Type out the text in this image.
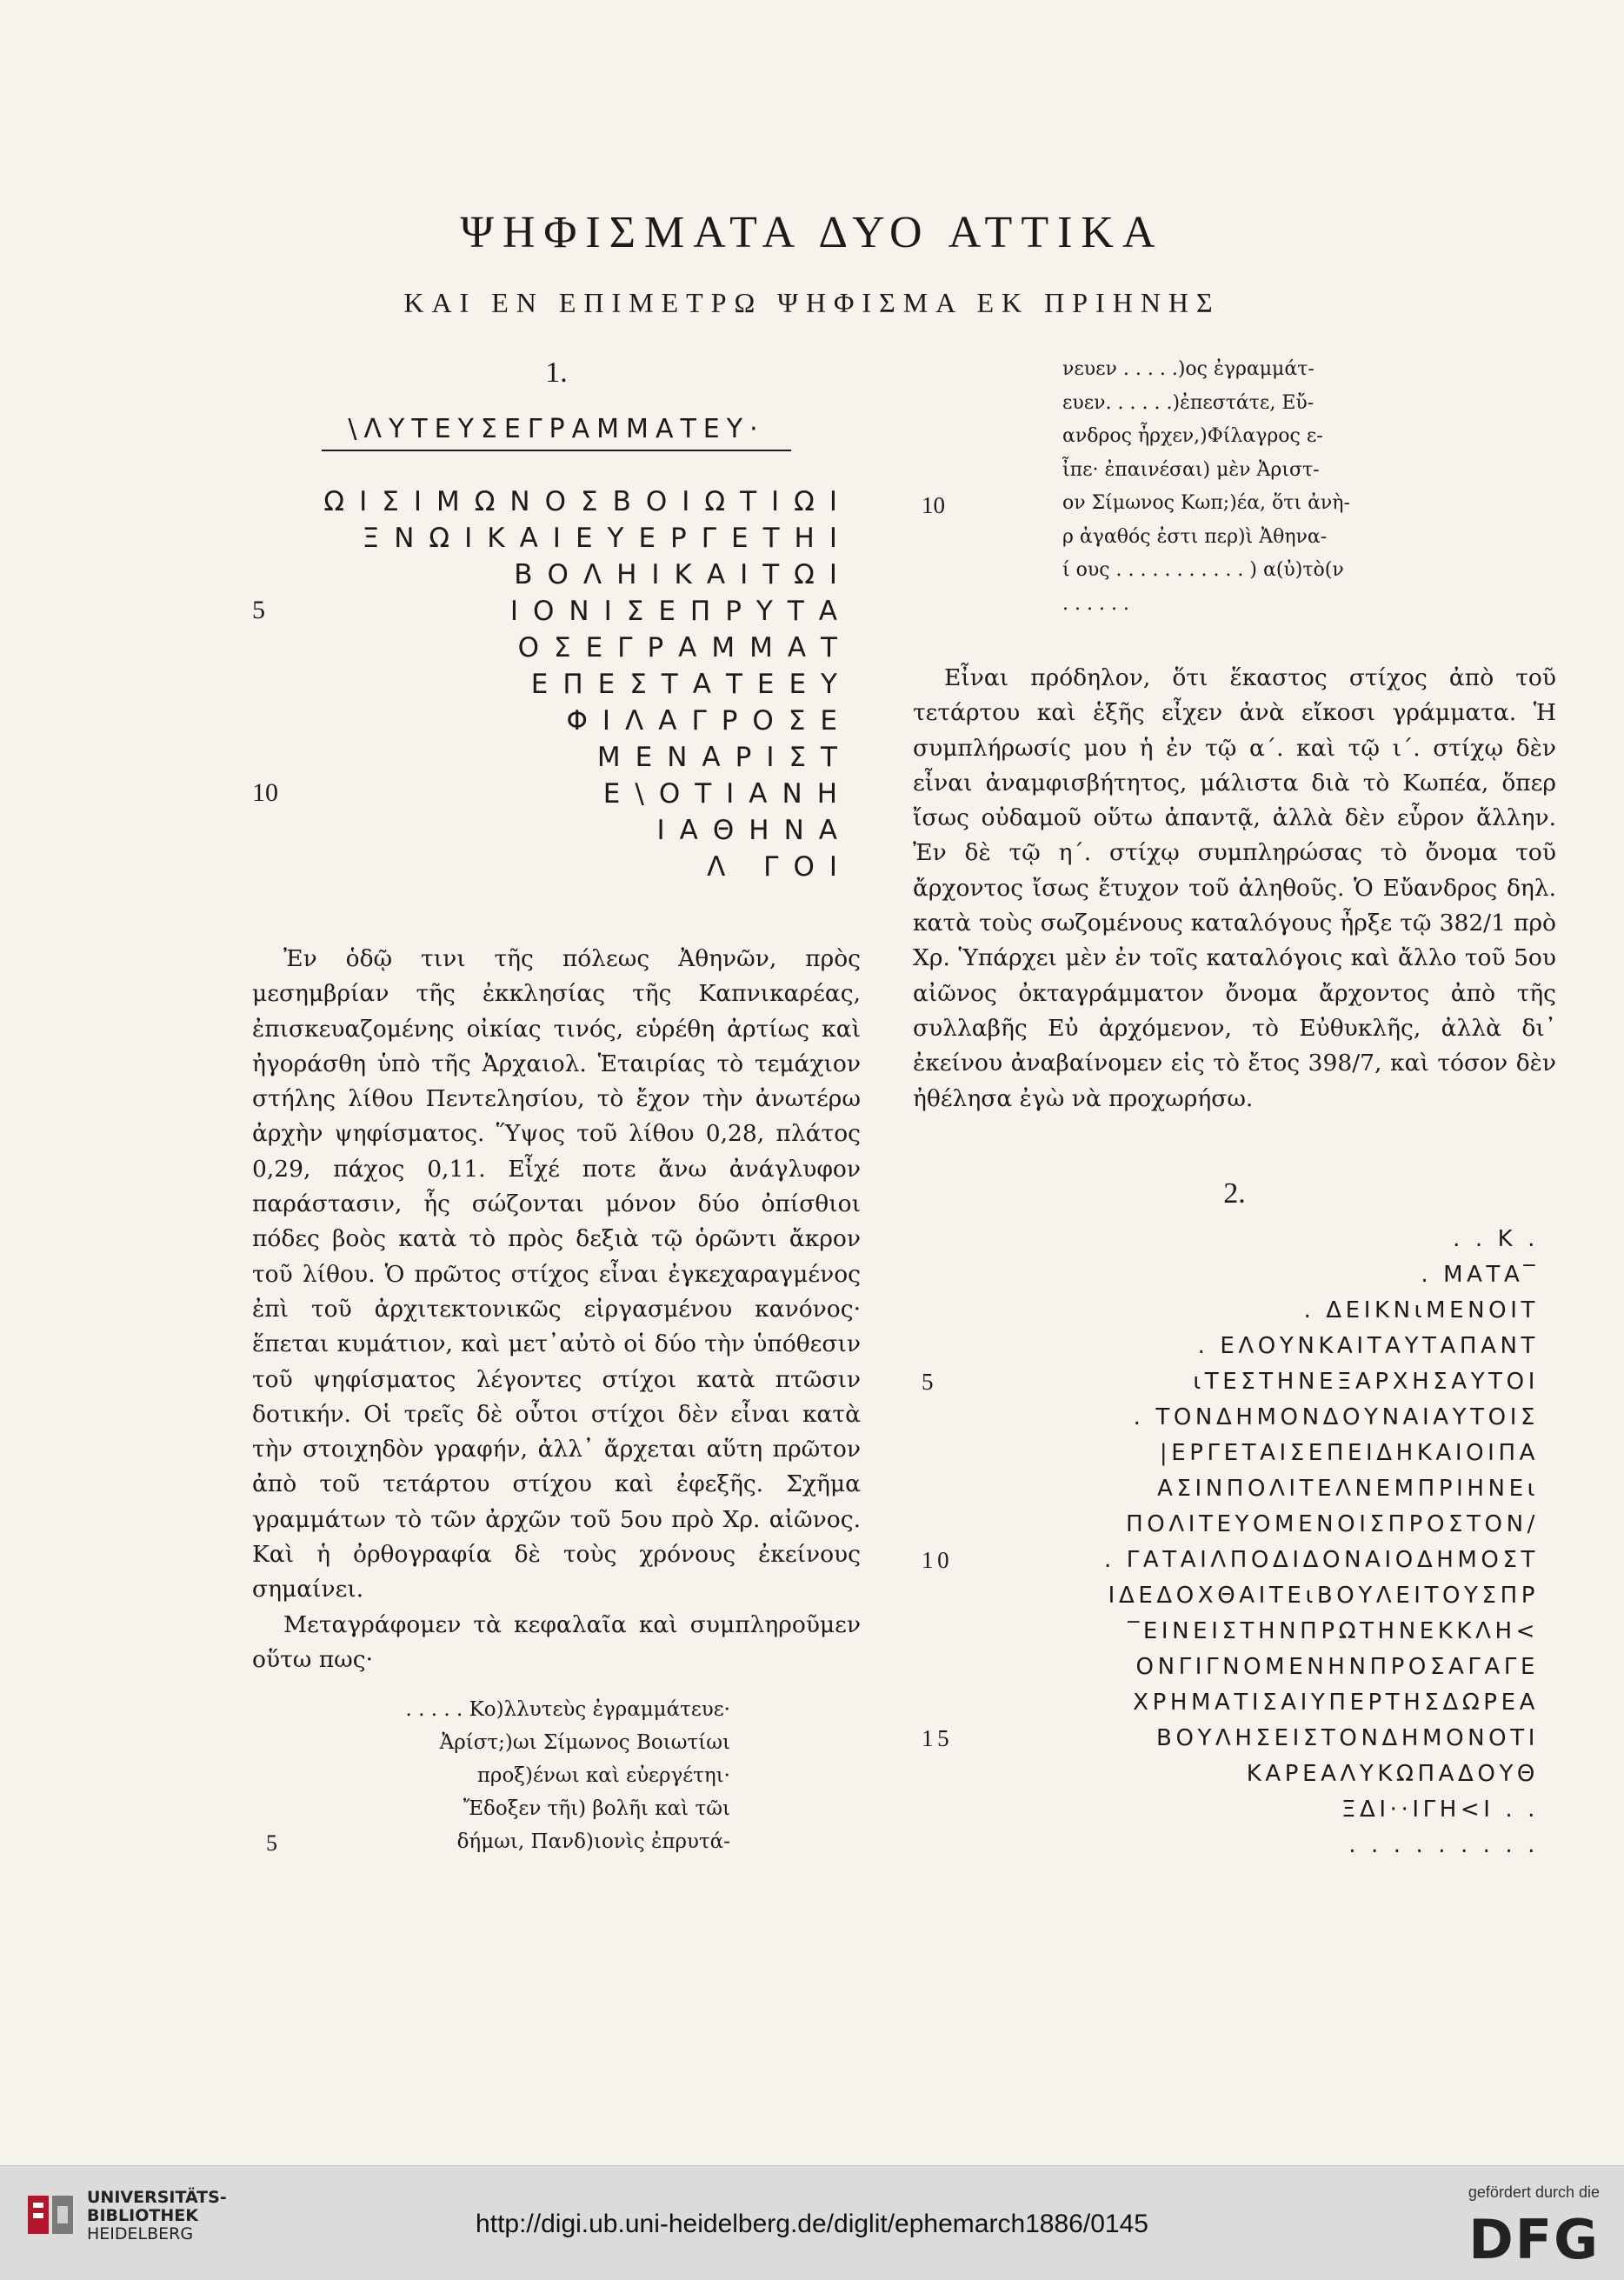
ΨΗΦΙΣΜΑΤΑ ΔΥΟ ΑΤΤΙΚΑ
ΚΑΙ ΕΝ ΕΠΙΜΕΤΡΩ ΨΗΦΙΣΜΑ ΕΚ ΠΡΙΗΝΗΣ
1.
\ΛΥΤΕΥΣΕΓΡΑΜΜΑΤΕΥ·
ΩΙΣΙΜΩΝΟΣΒΟΙΩΤΙΩΙ
ΞΝΩΙΚΑΙΕΥΕΡΓΕΤΗΙ
ΒΟΛΗΙΚΑΙΤΩΙ
5	ΙΟΝΙΣΕΠΡΥΤΑ
ΟΣΕΓΡΑΜΜΑΤ
ΕΠΕΣΤΑΤΕΕΥ
ΦΙΛΑΓΡΟΣΕ
ΜΕΝΑΡΙΣΤ
10	Ε\ΟΤΙΑΝΗ
ΙΑΘΗΝΑ
Λ ΓΟΙ

Ἐν ὁδῷ τινι τῆς πόλεως Ἀθηνῶν, πρὸς μεσημβρίαν τῆς ἐκκλησίας τῆς Καπνικαρέας, ἐπισκευαζομένης οἰκίας τινός, εὑρέθη ἀρτίως καὶ ἠγοράσθη ὑπὸ τῆς Ἀρχαιολ. Ἑταιρίας τὸ τεμάχιον στήλης λίθου Πεντελησίου, τὸ ἔχον τὴν ἀνωτέρω ἀρχὴν ψηφίσματος. Ὕψος τοῦ λίθου 0,28, πλάτος 0,29, πάχος 0,11. Εἶχέ ποτε ἄνω ἀνάγλυφον παράστασιν, ἧς σώζονται μόνον δύο ὀπίσθιοι πόδες βοὸς κατὰ τὸ πρὸς δεξιὰ τῷ ὁρῶντι ἄκρον τοῦ λίθου. Ὁ πρῶτος στίχος εἶναι ἐγκεχαραγμένος ἐπὶ τοῦ ἀρχιτεκτονικῶς εἰργασμένου κανόνος· ἕπεται κυμάτιον, καὶ μετ᾽αὐτὸ οἱ δύο τὴν ὑπόθεσιν τοῦ ψηφίσματος λέγοντες στίχοι κατὰ πτῶσιν δοτικήν. Οἱ τρεῖς δὲ οὗτοι στίχοι δὲν εἶναι κατὰ τὴν στοιχηδὸν γραφήν, ἀλλ᾽ ἄρχεται αὕτη πρῶτον ἀπὸ τοῦ τετάρτου στίχου καὶ ἐφεξῆς. Σχῆμα γραμμάτων τὸ τῶν ἀρχῶν τοῦ 5ου πρὸ Χρ. αἰῶνος. Καὶ ἡ ὀρθογραφία δὲ τοὺς χρόνους ἐκείνους σημαίνει.

Μεταγράφομεν τὰ κεφαλαῖα καὶ συμπληροῦμεν οὕτω πως·

. . . . . Κο)λλυτεὺς ἐγραμμάτευε·
Ἀρίστ;)ωι Σίμωνος Βοιωτίωι
προξ)ένωι καὶ εὐεργέτηι·
Ἔδοξεν τῆι) βολῆι καὶ τῶι
5	δήμωι, Πανδ)ιονὶς ἐπρυτά-
νευεν . . . . .)ος ἐγραμμάτ-
ευεν. . . . . .)ἐπεστάτε, Εὔ-
ανδρος ἦρχεν,)Φίλαγρος ε-
ἶπε· ἐπαινέσαι) μὲν Ἀριστ-
10	ον Σίμωνος Κωπ;)έα, ὅτι ἀνὴ-
ρ ἀγαθός ἐστι περ)ὶ Ἀθηνα-
ί ους . . . . . . . . . . . ) α(ὐ)τὸ(ν
. . . . . .

Εἶναι πρόδηλον, ὅτι ἕκαστος στίχος ἀπὸ τοῦ τετάρτου καὶ ἑξῆς εἶχεν ἀνὰ εἴκοσι γράμματα. Ἡ συμπλήρωσίς μου ἡ ἐν τῷ α΄. καὶ τῷ ι΄. στίχῳ δὲν εἶναι ἀναμφισβήτητος, μάλιστα διὰ τὸ Κωπέα, ὅπερ ἴσως οὐδαμοῦ οὕτω ἀπαντᾷ, ἀλλὰ δὲν εὗρον ἄλλην. Ἐν δὲ τῷ η΄. στίχῳ συμπληρώσας τὸ ὄνομα τοῦ ἄρχοντος ἴσως ἔτυχον τοῦ ἀληθοῦς. Ὁ Εὔανδρος δηλ. κατὰ τοὺς σωζομένους καταλόγους ἦρξε τῷ 382/1 πρὸ Χρ. Ὑπάρχει μὲν ἐν τοῖς καταλόγοις καὶ ἄλλο τοῦ 5ου αἰῶνος ὀκταγράμματον ὄνομα ἄρχοντος ἀπὸ τῆς συλλαβῆς Εὐ ἀρχόμενον, τὸ Εὐθυκλῆς, ἀλλὰ δι᾽ ἐκείνου ἀναβαίνομεν εἰς τὸ ἔτος 398/7, καὶ τόσον δὲν ἠθέλησα ἐγὼ νὰ προχωρήσω.

2.
. . Κ .
. ΜΑΤΑ‾
. ΔΕΙΚΝιΜΕΝΟΙΤ
. ΕΛΟΥΝΚΑΙΤΑΥΤΑΠΑΝΤ
5	ιΤΕΣΤΗΝΕΞΑΡΧΗΣΑΥΤΟΙ
. ΤΟΝΔΗΜΟΝΔΟΥΝΑΙΑΥΤΟΙΣ
|ΕΡΓΕΤΑΙΣΕΠΕΙΔΗΚΑΙΟΙΠΑ
ΑΣΙΝΠΟΛΙΤΕΛΝΕΜΠΡΙΗΝΕι
ΠΟΛΙΤΕΥΟΜΕΝΟΙΣΠΡΟΣΤΟΝ/
10	. ΓΑΤΑΙΛΠΟΔΙΔΟΝΑΙΟΔΗΜΟΣΤ
ΙΔΕΔΟΧΘΑΙΤΕιΒΟΥΛΕΙΤΟΥΣΠΡ
‾ΕΙΝΕΙΣΤΗΝΠΡΩΤΗΝΕΚΚΛΗ<
ΟΝΓΙΓΝΟΜΕΝΗΝΠΡΟΣΑΓΑΓΕ
ΧΡΗΜΑΤΙΣΑΙΥΠΕΡΤΗΣΔΩΡΕΑ
15	ΒΟΥΛΗΣΕΙΣΤΟΝΔΗΜΟΝΟΤΙ
ΚΑΡΕΑΛΥΚΩΠΑΔΟΥΘ
ΞΔΙ··ΙΓΗ<Ι . .
. . . . . . . . .
UNIVERSITÄTS-
BIBLIOTHEK
HEIDELBERG	http://digi.ub.uni-heidelberg.de/diglit/ephemarch1886/0145
gefördert durch die
DFG
